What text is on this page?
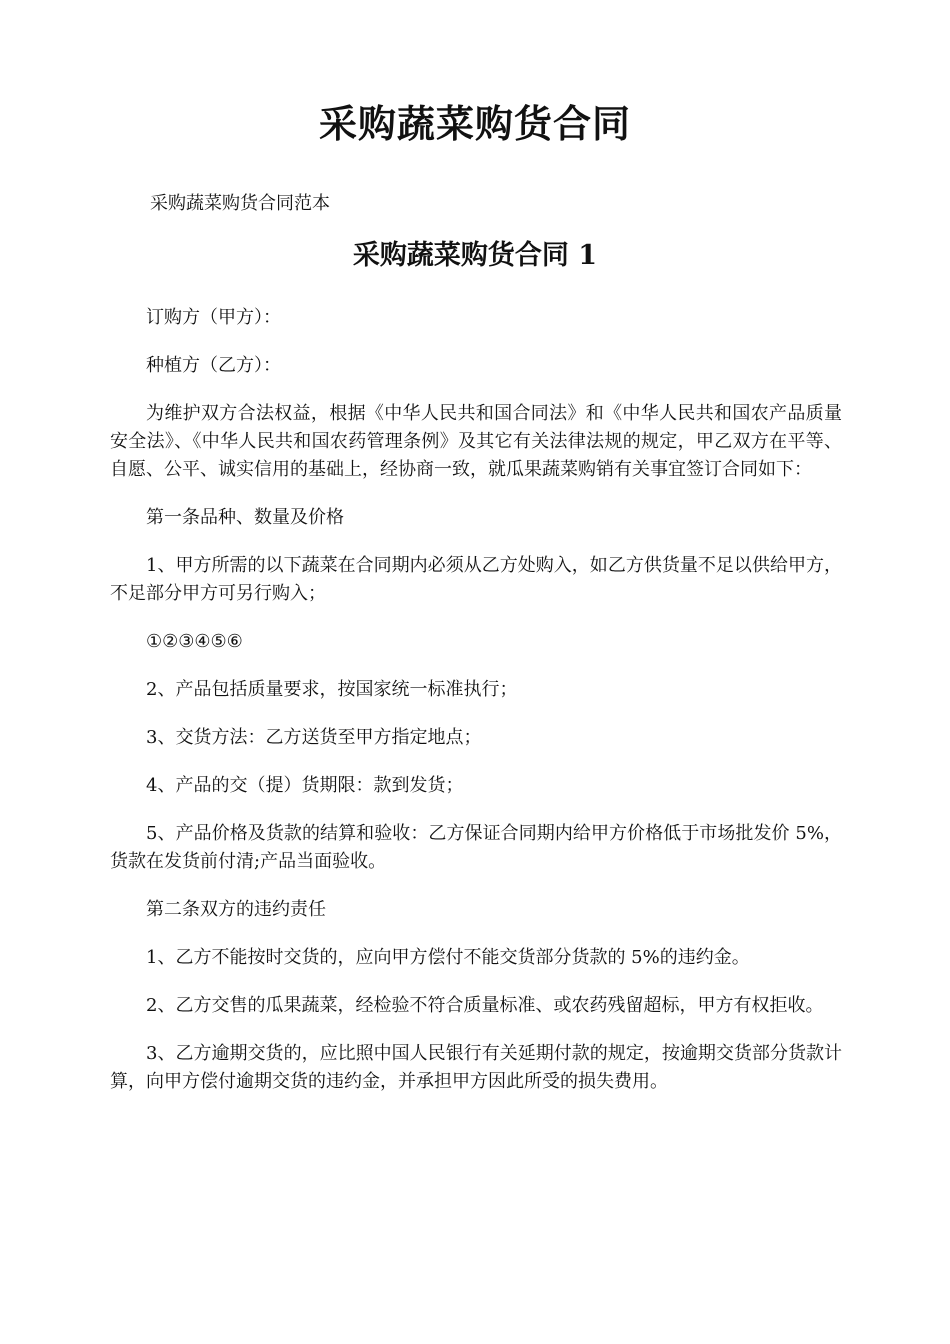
采购蔬菜购货合同

采购蔬菜购货合同范本

采购蔬菜购货合同 1

订购方（甲方）：

种植方（乙方）：

为维护双方合法权益，根据《中华人民共和国合同法》和《中华人民共和国农产品质量安全法》、《中华人民共和国农药管理条例》及其它有关法律法规的规定，甲乙双方在平等、自愿、公平、诚实信用的基础上，经协商一致，就瓜果蔬菜购销有关事宜签订合同如下：

第一条品种、数量及价格

1、甲方所需的以下蔬菜在合同期内必须从乙方处购入，如乙方供货量不足以供给甲方，不足部分甲方可另行购入；

①②③④⑤⑥

2、产品包括质量要求，按国家统一标准执行；

3、交货方法：乙方送货至甲方指定地点；

4、产品的交（提）货期限：款到发货；

5、产品价格及货款的结算和验收：乙方保证合同期内给甲方价格低于市场批发价 5%，货款在发货前付清;产品当面验收。

第二条双方的违约责任

1、乙方不能按时交货的，应向甲方偿付不能交货部分货款的 5%的违约金。

2、乙方交售的瓜果蔬菜，经检验不符合质量标准、或农药残留超标，甲方有权拒收。

3、乙方逾期交货的，应比照中国人民银行有关延期付款的规定，按逾期交货部分货款计算，向甲方偿付逾期交货的违约金，并承担甲方因此所受的损失费用。
